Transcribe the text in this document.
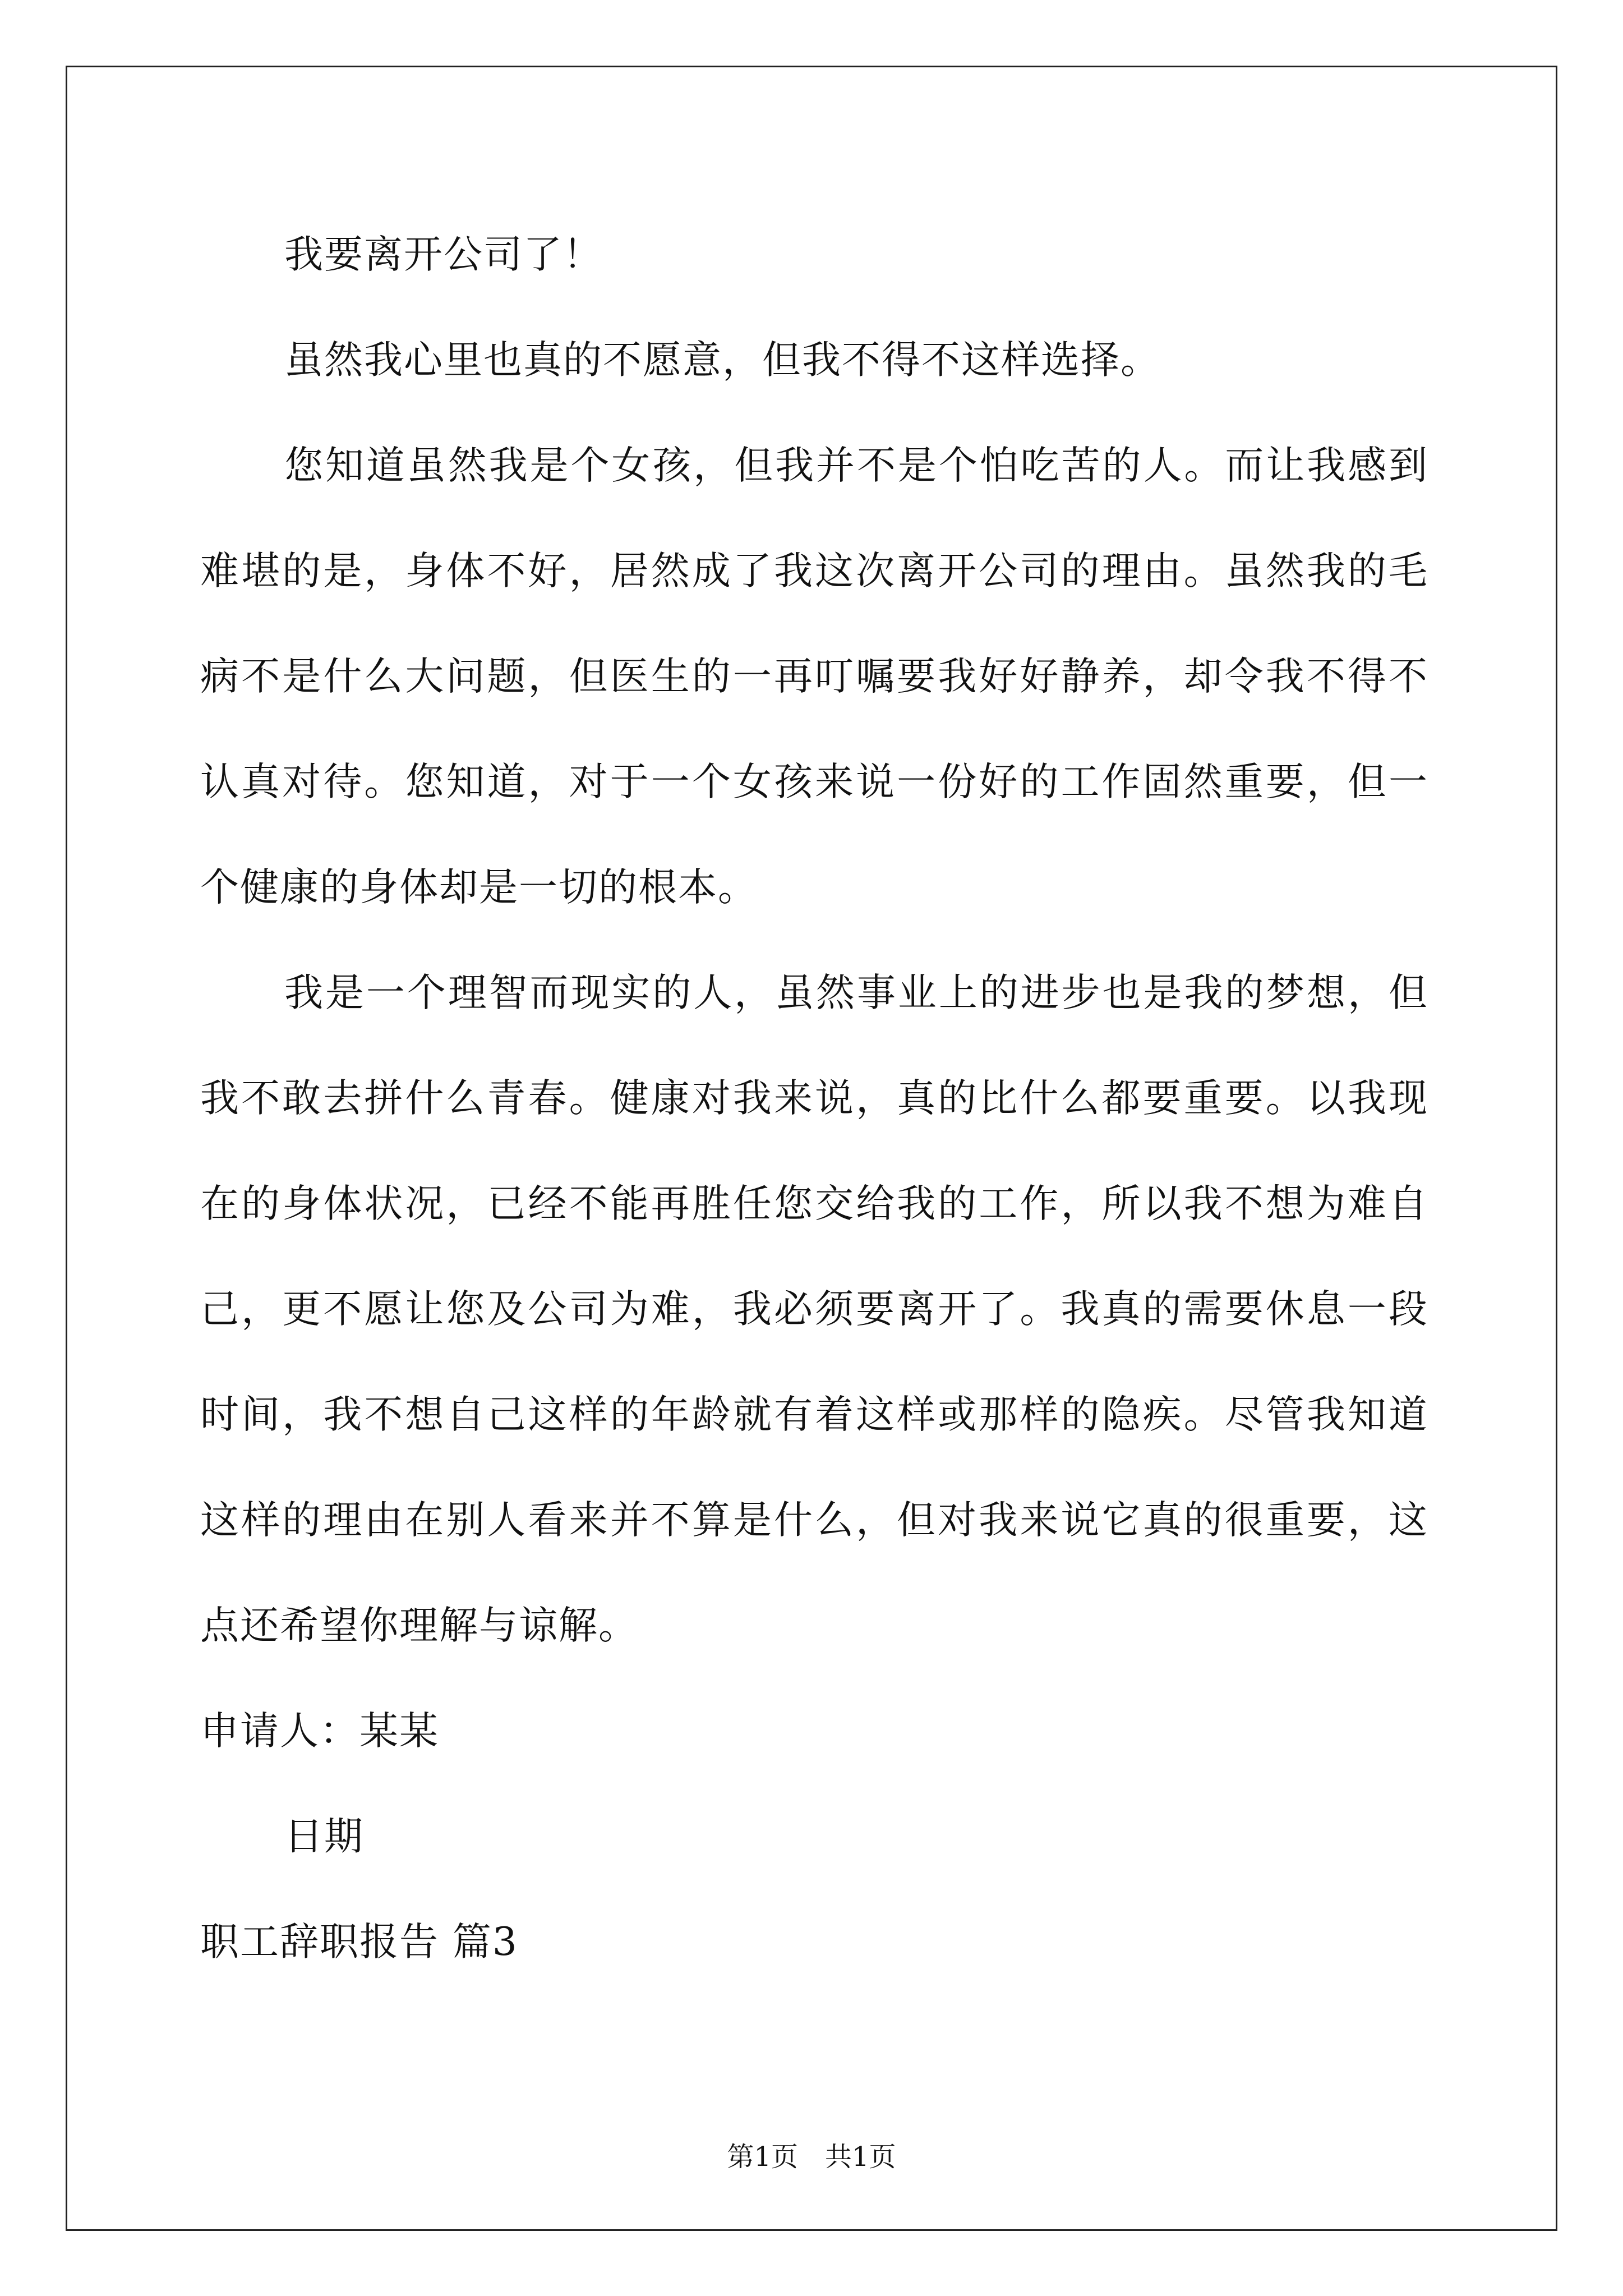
我要离开公司了！

虽然我心里也真的不愿意，但我不得不这样选择。

您知道虽然我是个女孩，但我并不是个怕吃苦的人。而让我感到难堪的是，身体不好，居然成了我这次离开公司的理由。虽然我的毛病不是什么大问题，但医生的一再叮嘱要我好好静养，却令我不得不认真对待。您知道，对于一个女孩来说一份好的工作固然重要，但一个健康的身体却是一切的根本。

我是一个理智而现实的人，虽然事业上的进步也是我的梦想，但我不敢去拼什么青春。健康对我来说，真的比什么都要重要。以我现在的身体状况，已经不能再胜任您交给我的工作，所以我不想为难自己，更不愿让您及公司为难，我必须要离开了。我真的需要休息一段时间，我不想自己这样的年龄就有着这样或那样的隐疾。尽管我知道这样的理由在别人看来并不算是什么，但对我来说它真的很重要，这点还希望你理解与谅解。

申请人：某某

日期

职工辞职报告 篇3

第1页　共1页
